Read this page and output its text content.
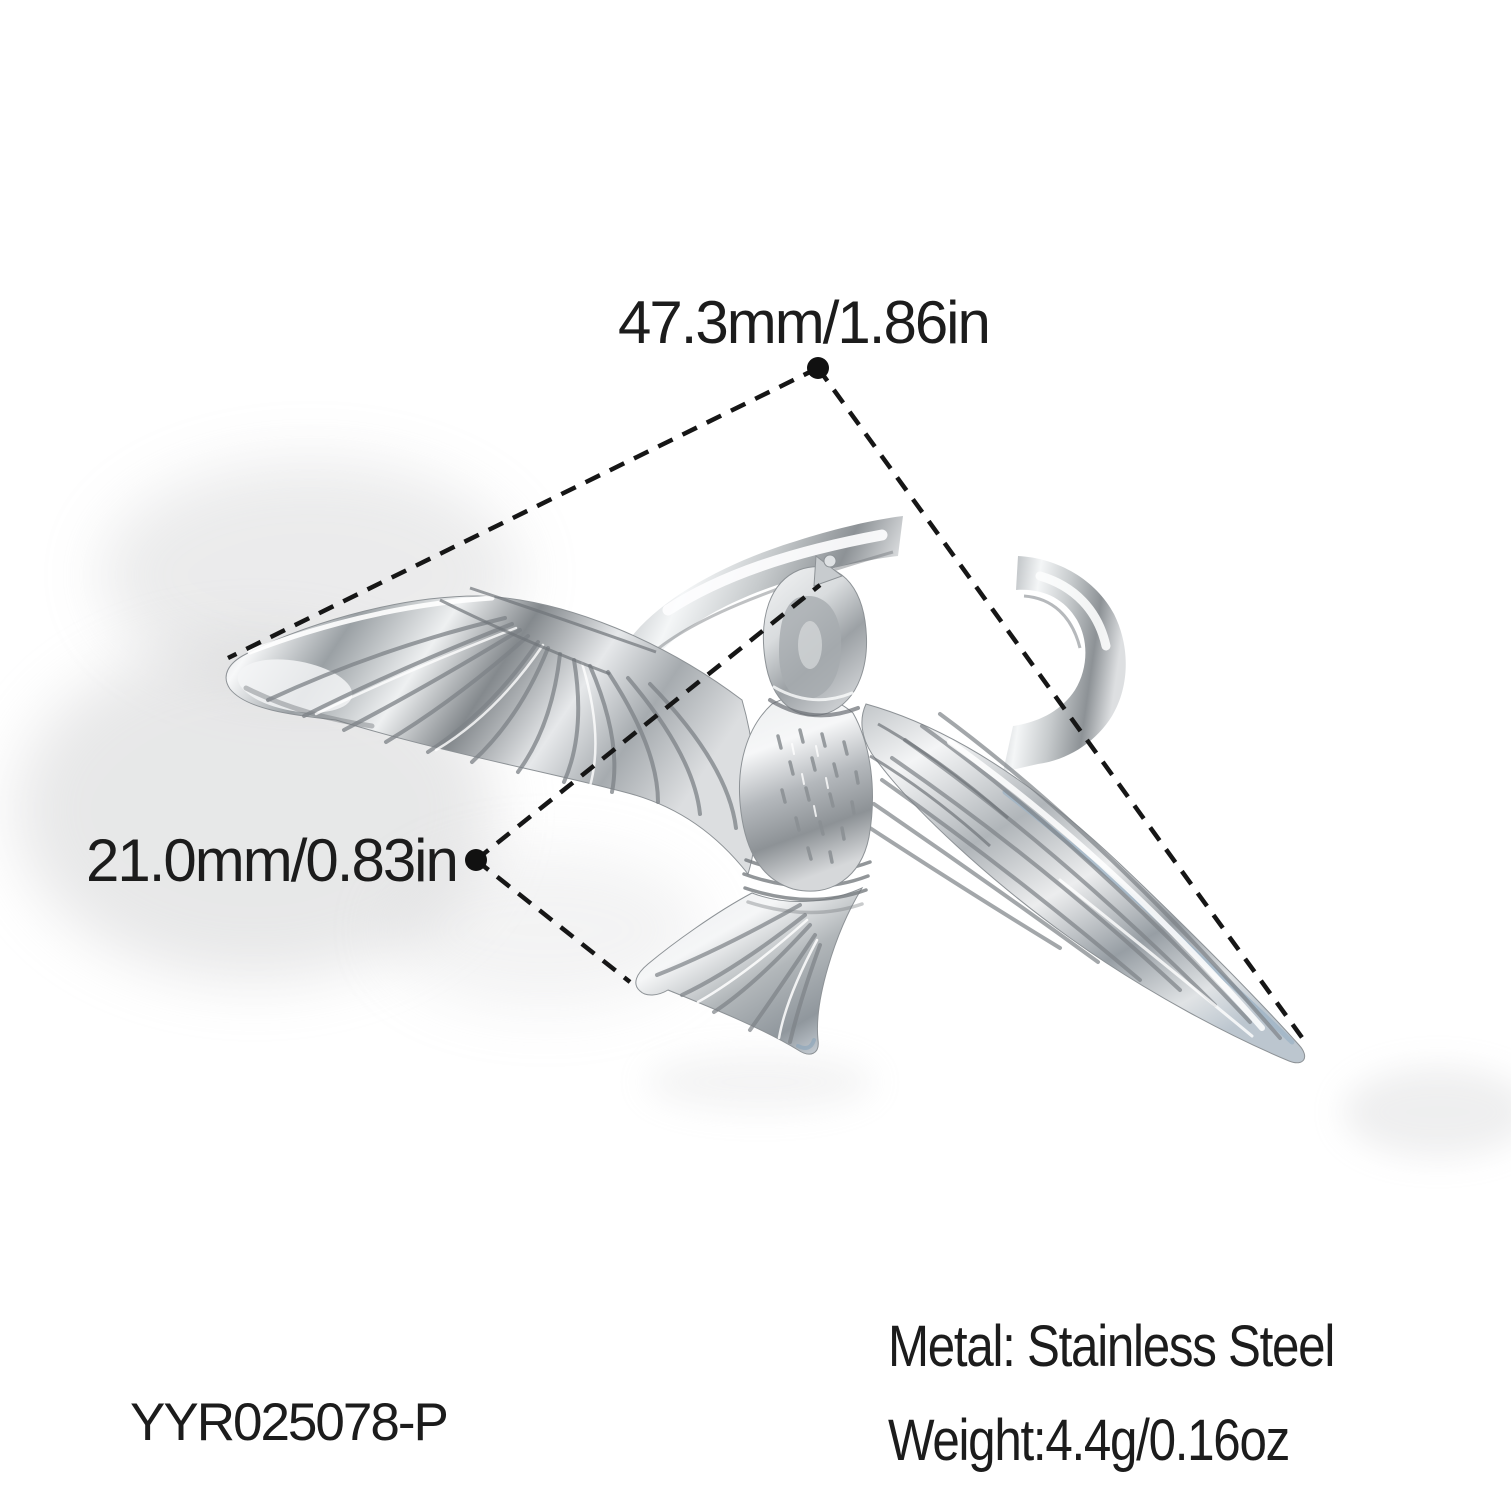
47.3mm/1.86in
21.0mm/0.83in
YYR025078-P
Metal: Stainless Steel
Weight:4.4g/0.16oz
